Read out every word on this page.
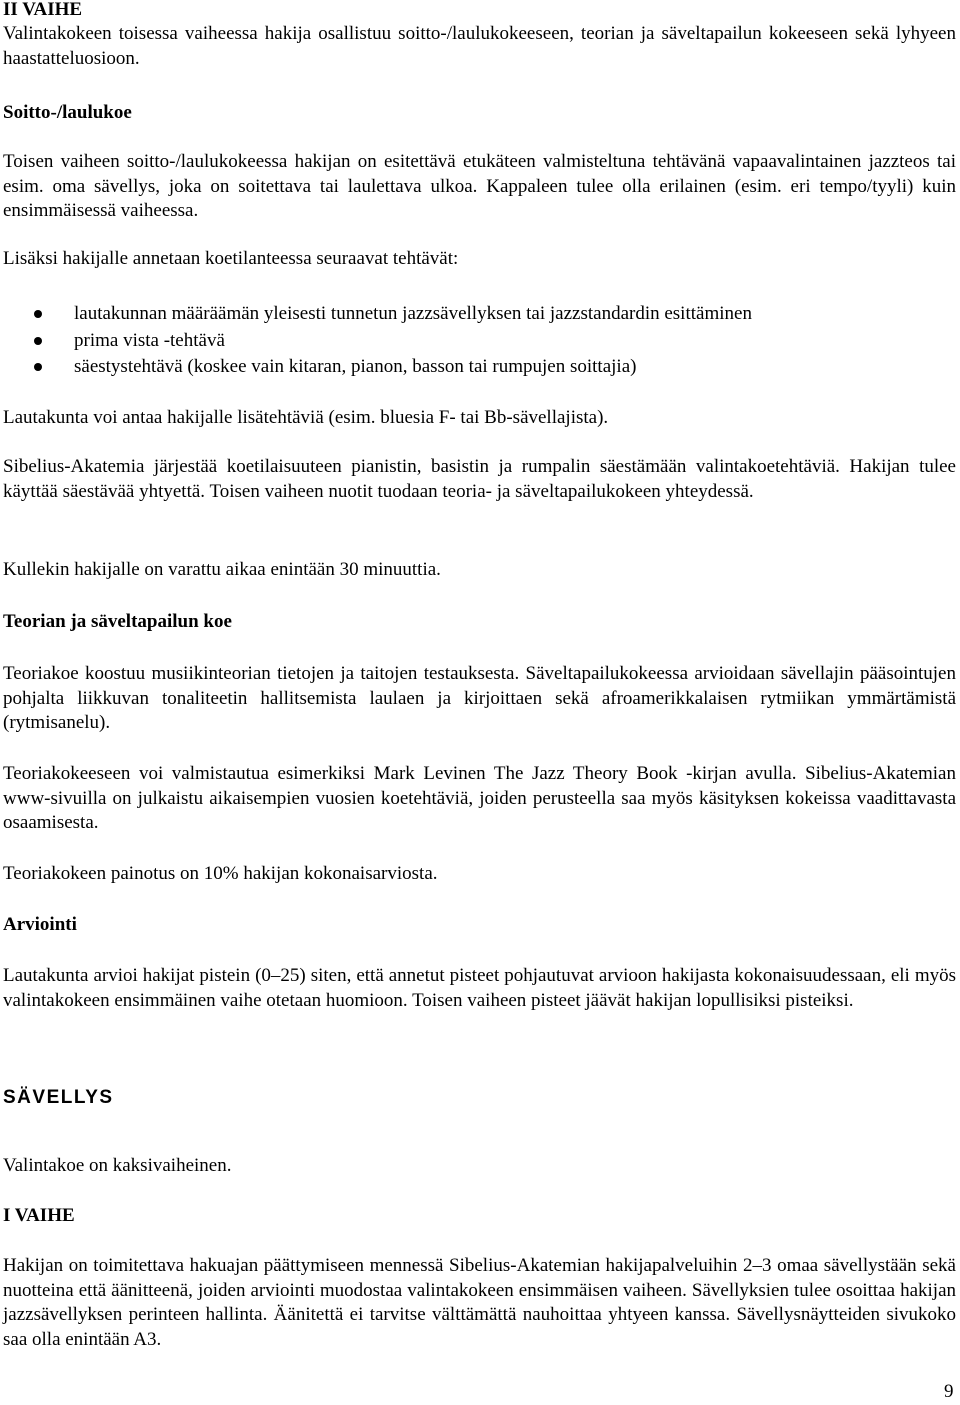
II VAIHE

Valintakokeen toisessa vaiheessa hakija osallistuu soitto-/laulukokeeseen, teorian ja säveltapailun kokeeseen sekä lyhyeen haastatteluosioon.

Soitto-/laulukoe

Toisen vaiheen soitto-/laulukokeessa hakijan on esitettävä etukäteen valmisteltuna tehtävänä vapaavalintainen jazzteos tai esim. oma sävellys, joka on soitettava tai laulettava ulkoa. Kappaleen tulee olla erilainen (esim. eri tempo/tyyli) kuin ensimmäisessä vaiheessa.

Lisäksi hakijalle annetaan koetilanteessa seuraavat tehtävät:

lautakunnan määräämän yleisesti tunnetun jazzsävellyksen tai jazzstandardin esittäminen
prima vista -tehtävä
säestystehtävä (koskee vain kitaran, pianon, basson tai rumpujen soittajia)

Lautakunta voi antaa hakijalle lisätehtäviä (esim. bluesia F- tai Bb-sävellajista).

Sibelius-Akatemia järjestää koetilaisuuteen pianistin, basistin ja rumpalin säestämään valintakoetehtäviä. Hakijan tulee käyttää säestävää yhtyettä. Toisen vaiheen nuotit tuodaan teoria- ja säveltapailukokeen yhteydessä.

Kullekin hakijalle on varattu aikaa enintään 30 minuuttia.

Teorian ja säveltapailun koe

Teoriakoe koostuu musiikinteorian tietojen ja taitojen testauksesta. Säveltapailukokeessa arvioidaan sävellajin pääsointujen pohjalta liikkuvan tonaliteetin hallitsemista laulaen ja kirjoittaen sekä afroamerikkalaisen rytmiikan ymmärtämistä (rytmisanelu).

Teoriakokeeseen voi valmistautua esimerkiksi Mark Levinen The Jazz Theory Book -kirjan avulla. Sibelius-Akatemian www-sivuilla on julkaistu aikaisempien vuosien koetehtäviä, joiden perusteella saa myös käsityksen kokeissa vaadittavasta osaamisesta.

Teoriakokeen painotus on 10% hakijan kokonaisarviosta.

Arviointi

Lautakunta arvioi hakijat pistein (0–25) siten, että annetut pisteet pohjautuvat arvioon hakijasta kokonaisuudessaan, eli myös valintakokeen ensimmäinen vaihe otetaan huomioon. Toisen vaiheen pisteet jäävät hakijan lopullisiksi pisteiksi.

SÄVELLYS

Valintakoe on kaksivaiheinen.

I VAIHE

Hakijan on toimitettava hakuajan päättymiseen mennessä Sibelius-Akatemian hakijapalveluihin 2–3 omaa sävellystään sekä nuotteina että äänitteenä, joiden arviointi muodostaa valintakokeen ensimmäisen vaiheen. Sävellyksien tulee osoittaa hakijan jazzsävellyksen perinteen hallinta. Äänitettä ei tarvitse välttämättä nauhoittaa yhtyeen kanssa. Sävellysnäytteiden sivukoko saa olla enintään A3.

9
